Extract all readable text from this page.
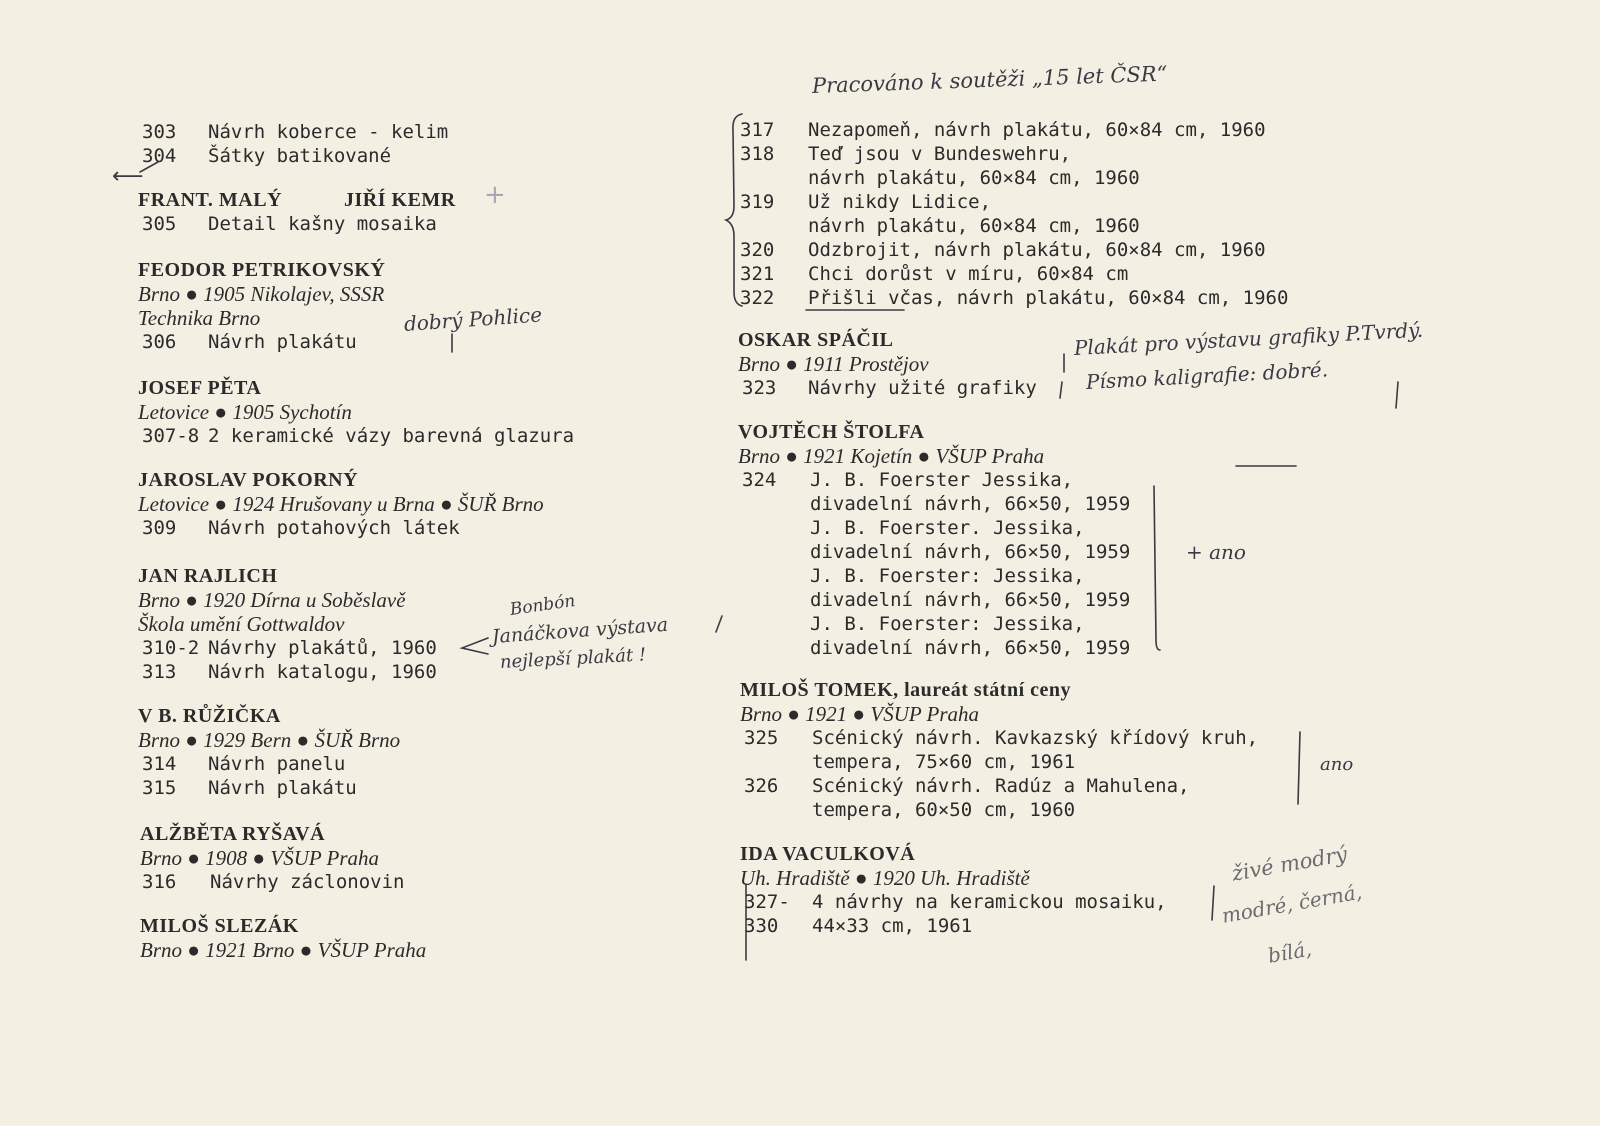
303 Návrh koberce - kelim
304 Šátky batikované
FRANT. MALÝ	JIŘÍ KEMR
305 Detail kašny mosaika
FEODOR PETRIKOVSKÝ
Brno ● 1905 Nikolajev, SSSR
Technika Brno
306 Návrh plakátu
JOSEF PĚTA
Letovice ● 1905 Sychotín
307-8 2 keramické vázy barevná glazura
JAROSLAV POKORNÝ
Letovice ● 1924 Hrušovany u Brna ● ŠUŘ Brno
309 Návrh potahových látek
JAN RAJLICH
Brno ● 1920 Dírna u Soběslavě
Škola umění Gottwaldov
310-2 Návrhy plakátů, 1960
313 Návrh katalogu, 1960
V B. RŮŽIČKA
Brno ● 1929 Bern ● ŠUŘ Brno
314 Návrh panelu
315 Návrh plakátu
ALŽBĚTA RYŠAVÁ
Brno ● 1908 ● VŠUP Praha
316 Návrhy záclonovin
MILOŠ SLEZÁK
Brno ● 1921 Brno ● VŠUP Praha
317 Nezapomeň, návrh plakátu, 60×84 cm, 1960
318 Teď jsou v Bundeswehru,
návrh plakátu, 60×84 cm, 1960
319 Už nikdy Lidice,
návrh plakátu, 60×84 cm, 1960
320 Odzbrojit, návrh plakátu, 60×84 cm, 1960
321 Chci dorůst v míru, 60×84 cm
322 Přišli včas, návrh plakátu, 60×84 cm, 1960
OSKAR SPÁČIL
Brno ● 1911 Prostějov
323 Návrhy užité grafiky
VOJTĚCH ŠTOLFA
Brno ● 1921 Kojetín ● VŠUP Praha
324 J. B. Foerster Jessika,
divadelní návrh, 66×50, 1959
J. B. Foerster. Jessika,
divadelní návrh, 66×50, 1959
J. B. Foerster: Jessika,
divadelní návrh, 66×50, 1959
J. B. Foerster: Jessika,
divadelní návrh, 66×50, 1959
MILOŠ TOMEK, laureát státní ceny
Brno ● 1921 ● VŠUP Praha
325 Scénický návrh. Kavkazský křídový kruh,
tempera, 75×60 cm, 1961
326 Scénický návrh. Radúz a Mahulena,
tempera, 60×50 cm, 1960
IDA VACULKOVÁ
Uh. Hradiště ● 1920 Uh. Hradiště
327- 4 návrhy na keramickou mosaiku,
330 44×33 cm, 1961
Pracováno k soutěži „15 let ČSR“
dobrý Pohlice
Bonbón
Janáčkova výstava
nejlepší plakát !
Plakát pro výstavu grafiky P.Tvrdý.
Písmo kaligrafie: dobré.
+ ano
ano
živé modrý
modré, černá,
bílá,
+
⟵
